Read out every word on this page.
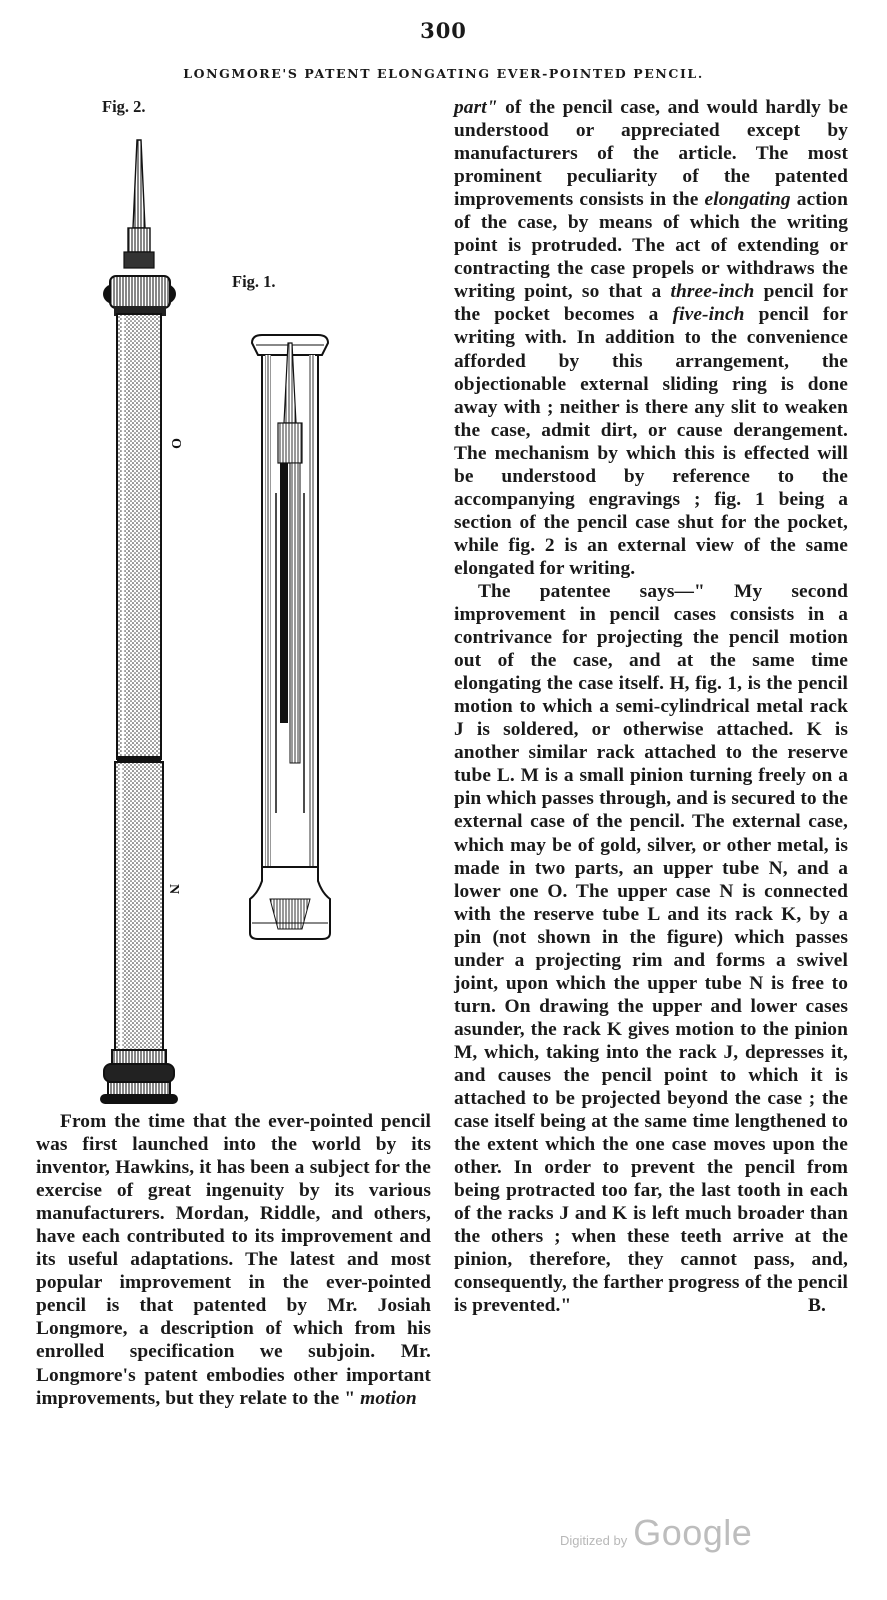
300
LONGMORE'S PATENT ELONGATING EVER-POINTED PENCIL.
Fig. 2.
Fig. 1.
O
N

part" of the pencil case, and would hardly be understood or appreciated except by manufacturers of the article. The most prominent peculiarity of the patented improvements consists in the elongating action of the case, by means of which the writing point is protruded. The act of extending or contracting the case propels or withdraws the writing point, so that a three-inch pencil for the pocket becomes a five-inch pencil for writing with. In addition to the convenience afforded by this arrangement, the objectionable external sliding ring is done away with ; neither is there any slit to weaken the case, admit dirt, or cause derangement. The mechanism by which this is effected will be understood by reference to the accompanying engravings ; fig. 1 being a section of the pencil case shut for the pocket, while fig. 2 is an external view of the same elongated for writing.

The patentee says—" My second improvement in pencil cases consists in a contrivance for projecting the pencil motion out of the case, and at the same time elongating the case itself. H, fig. 1, is the pencil motion to which a semi-cylindrical metal rack J is soldered, or otherwise attached. K is another similar rack attached to the reserve tube L. M is a small pinion turning freely on a pin which passes through, and is secured to the external case of the pencil. The external case, which may be of gold, silver, or other metal, is made in two parts, an upper tube N, and a lower one O. The upper case N is connected with the reserve tube L and its rack K, by a pin (not shown in the figure) which passes under a projecting rim and forms a swivel joint, upon which the upper tube N is free to turn. On drawing the upper and lower cases asunder, the rack K gives motion to the pinion M, which, taking into the rack J, depresses it, and causes the pencil point to which it is attached to be projected beyond the case ; the case itself being at the same time lengthened to the extent which the one case moves upon the other. In order to prevent the pencil from being protracted too far, the last tooth in each of the racks J and K is left much broader than the others ; when these teeth arrive at the pinion, therefore, they cannot pass, and, consequently, the farther progress of the pencil is prevented."	B.

From the time that the ever-pointed pencil was first launched into the world by its inventor, Hawkins, it has been a subject for the exercise of great ingenuity by its various manufacturers. Mordan, Riddle, and others, have each contributed to its improvement and its useful adaptations. The latest and most popular improvement in the ever-pointed pencil is that patented by Mr. Josiah Longmore, a description of which from his enrolled specification we subjoin. Mr. Longmore's patent embodies other important improvements, but they relate to the " motion

Digitized by Google
